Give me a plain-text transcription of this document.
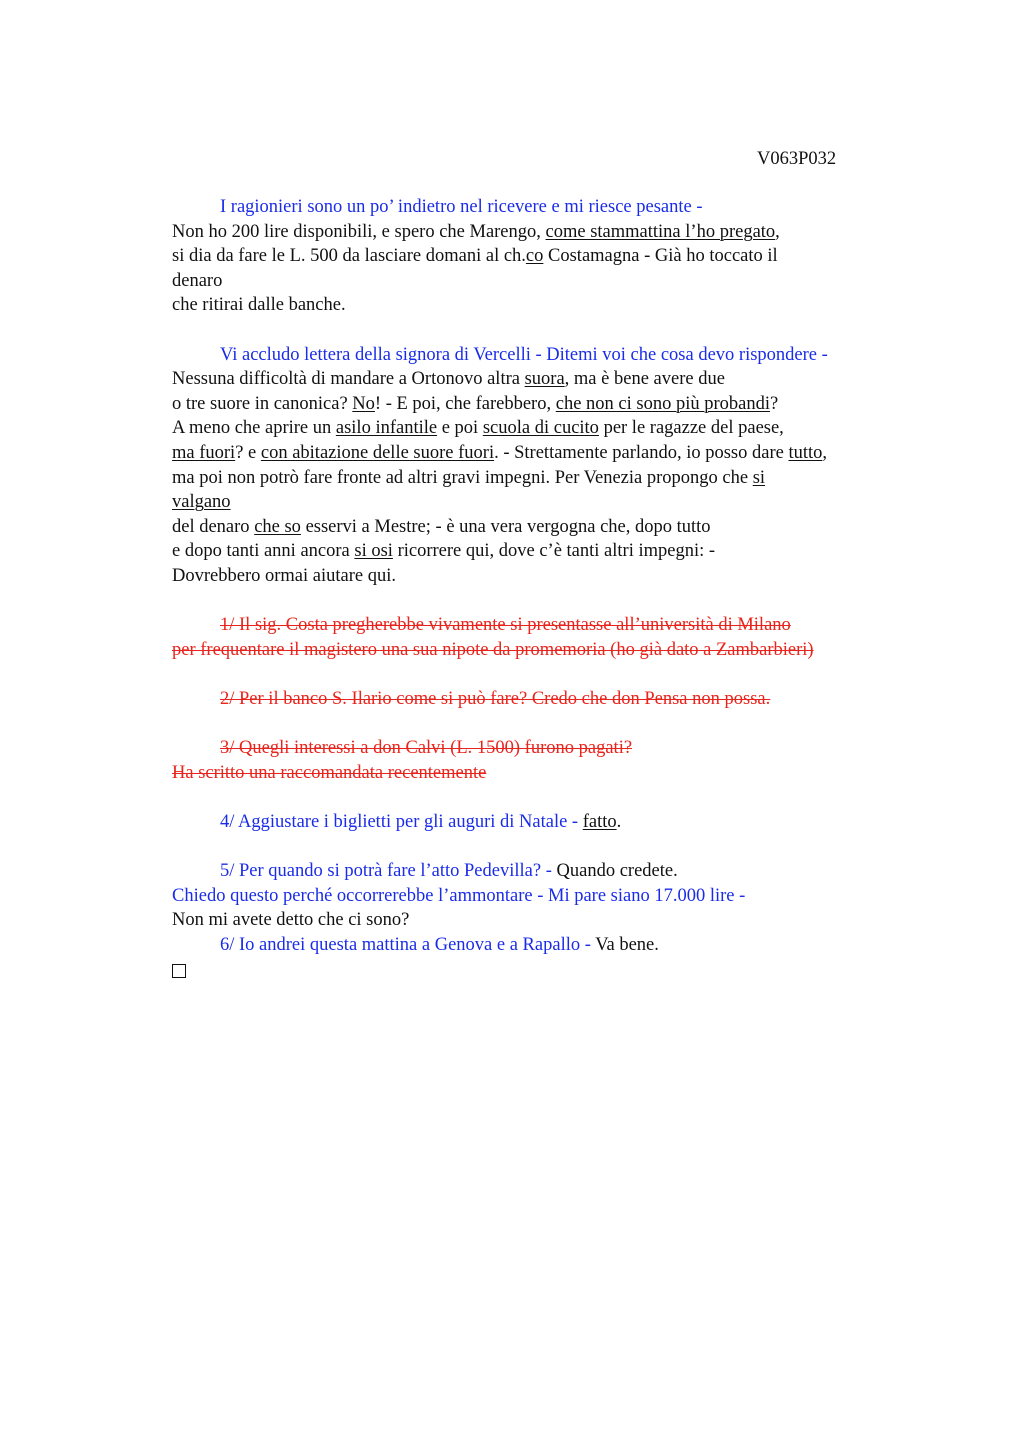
V063P032
I ragionieri sono un po’ indietro nel ricevere e mi riesce pesante -
Non ho 200 lire disponibili, e spero che Marengo, come stammattina l’ho pregato,
si dia da fare le L. 500 da lasciare domani al ch.co Costamagna - Già ho toccato il
denaro
che ritirai dalle banche.
Vi accludo lettera della signora di Vercelli - Ditemi voi che cosa devo rispondere -
Nessuna difficoltà di mandare a Ortonovo altra suora, ma è bene avere due
o tre suore in canonica? No! - E poi, che farebbero, che non ci sono più probandi?
A meno che aprire un asilo infantile e poi scuola di cucito per le ragazze del paese,
ma fuori? e con abitazione delle suore fuori. - Strettamente parlando, io posso dare tutto,
ma poi non potrò fare fronte ad altri gravi impegni. Per Venezia propongo che si
valgano
del denaro che so esservi a Mestre; - è una vera vergogna che, dopo tutto
e dopo tanti anni ancora si osi ricorrere qui, dove c’è tanti altri impegni: -
Dovrebbero ormai aiutare qui.
1/ Il sig. Costa pregherebbe vivamente si presentasse all’università di Milano
per frequentare il magistero una sua nipote da promemoria (ho già dato a Zambarbieri)
2/ Per il banco S. Ilario come si può fare? Credo che don Pensa non possa.
3/ Quegli interessi a don Calvi (L. 1500) furono pagati?
Ha scritto una raccomandata recentemente
4/ Aggiustare i biglietti per gli auguri di Natale - fatto.
5/ Per quando si potrà fare l’atto Pedevilla? - Quando credete.
Chiedo questo perché occorrerebbe l’ammontare - Mi pare siano 17.000 lire -
Non mi avete detto che ci sono?
6/ Io andrei questa mattina a Genova e a Rapallo - Va bene.
